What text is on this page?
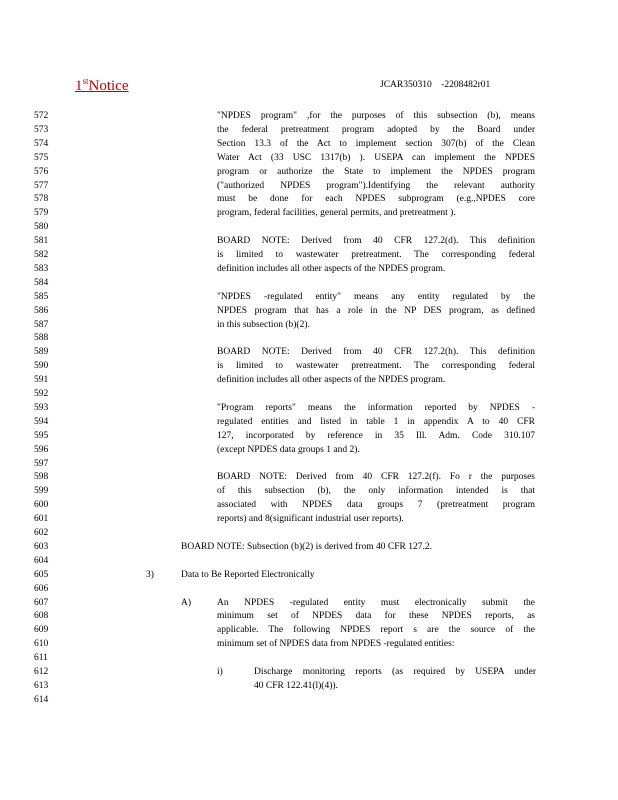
1stNotice	JCAR350310    -2208482r01
572
573
574
575
576
577
578
579
580
581
582
583
584
585
586
587
588
589
590
591
592
593
594
595
596
597
598
599
600
601
602
603
604
605
606
607
608
609
610
611
612
613
614
"NPDES program" ,for the purposes of this subsection (b), means
the federal pretreatment program adopted by the Board under
Section 13.3 of the Act to implement section 307(b) of the Clean
Water Act (33 USC 1317(b) ). USEPA can implement the NPDES
program or authorize the State to implement the NPDES program
("authorized NPDES program").Identifying the relevant authority
must be done for each NPDES subprogram (e.g.,NPDES core
program, federal facilities, general permits, and pretreatment ).
BOARD NOTE: Derived from 40 CFR 127.2(d). This definition
is limited to wastewater pretreatment. The corresponding federal
definition includes all other aspects of the NPDES program.
"NPDES -regulated entity" means any entity regulated by the
NPDES program that has a role in the NP DES program, as defined
in this subsection (b)(2).
BOARD NOTE: Derived from 40 CFR 127.2(h). This definition
is limited to wastewater pretreatment. The corresponding federal
definition includes all other aspects of the NPDES program.
"Program reports" means the information reported by NPDES -
regulated entities and listed in table 1 in appendix A to 40 CFR
127, incorporated by reference in 35 Ill. Adm. Code 310.107
(except NPDES data groups 1 and 2).
BOARD NOTE: Derived from 40 CFR 127.2(f). Fo r the purposes
of this subsection (b), the only information intended is that
associated with NPDES data groups 7 (pretreatment program
reports) and 8(significant industrial user reports).
BOARD NOTE: Subsection (b)(2) is derived from 40 CFR 127.2.
3)	Data to Be Reported Electronically
A)	An NPDES -regulated entity must electronically submit the
minimum set of NPDES data for these NPDES reports, as
applicable. The following NPDES report s are the source of the
minimum set of NPDES data from NPDES -regulated entities:
i)	Discharge monitoring reports (as required by USEPA under
40 CFR 122.41(l)(4)).
